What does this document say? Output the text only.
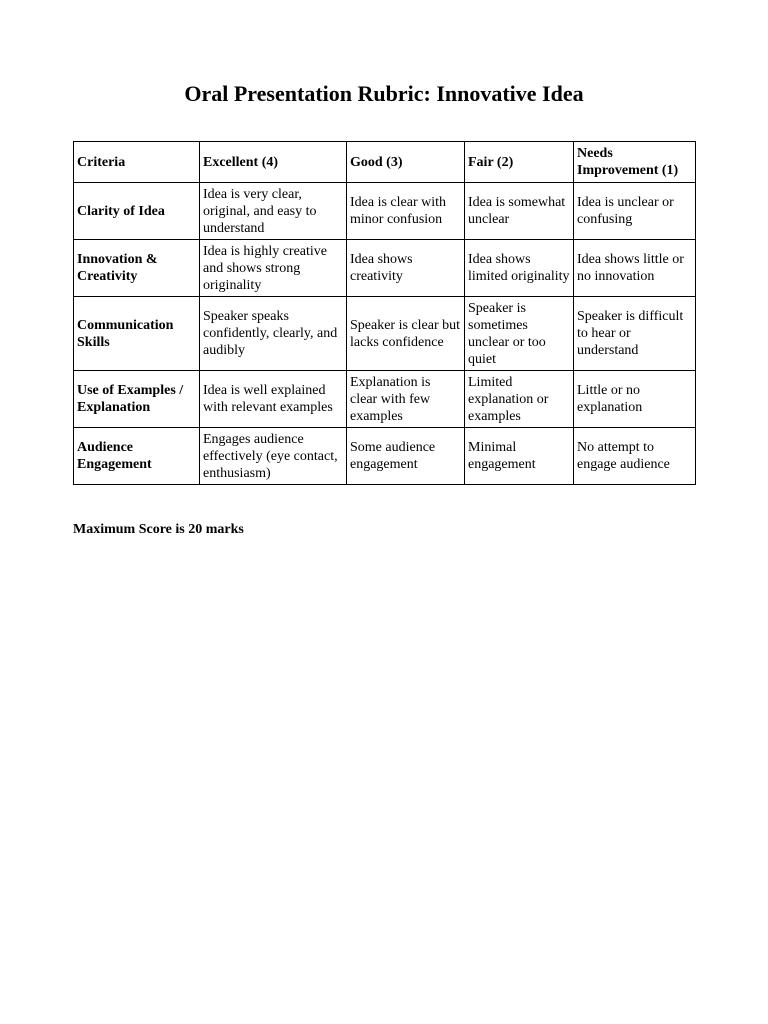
Oral Presentation Rubric: Innovative Idea
Criteria	Excellent (4)	Good (3)	Fair (2)	Needs Improvement (1)
Clarity of Idea	Idea is very clear, original, and easy to understand	Idea is clear with minor confusion	Idea is somewhat unclear	Idea is unclear or confusing
Innovation & Creativity	Idea is highly creative and shows strong originality	Idea shows creativity	Idea shows limited originality	Idea shows little or no innovation
Communication Skills	Speaker speaks confidently, clearly, and audibly	Speaker is clear but lacks confidence	Speaker is sometimes unclear or too quiet	Speaker is difficult to hear or understand
Use of Examples / Explanation	Idea is well explained with relevant examples	Explanation is clear with few examples	Limited explanation or examples	Little or no explanation
Audience Engagement	Engages audience effectively (eye contact, enthusiasm)	Some audience engagement	Minimal engagement	No attempt to engage audience

Maximum Score is 20 marks
